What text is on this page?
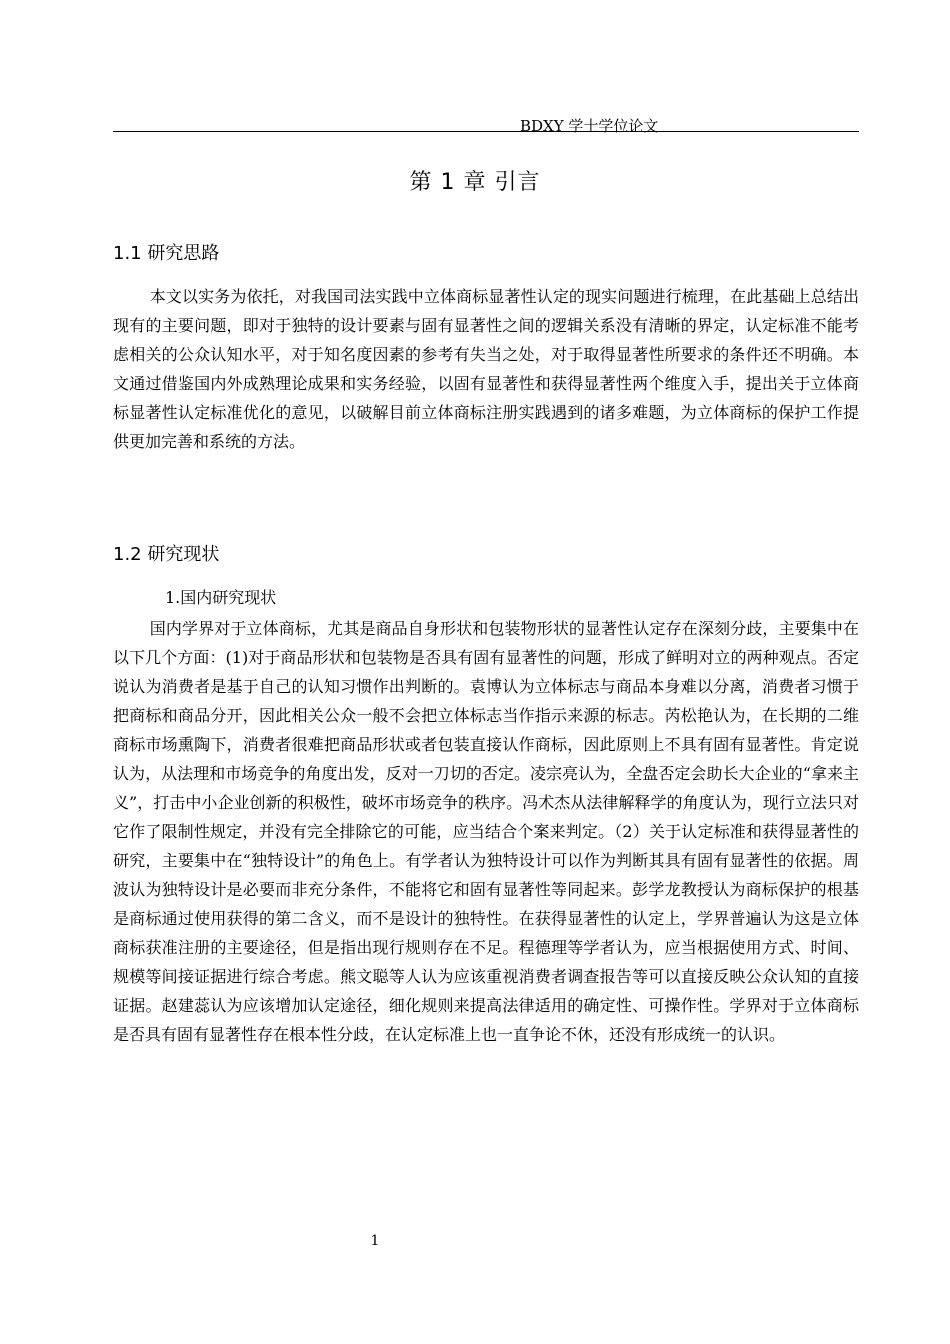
BDXY 学士学位论文
第 1 章 引言
1.1 研究思路

本文以实务为依托，对我国司法实践中立体商标显著性认定的现实问题进行梳理，在此基础上总结出现有的主要问题，即对于独特的设计要素与固有显著性之间的逻辑关系没有清晰的界定，认定标准不能考虑相关的公众认知水平，对于知名度因素的参考有失当之处，对于取得显著性所要求的条件还不明确。本文通过借鉴国内外成熟理论成果和实务经验，以固有显著性和获得显著性两个维度入手，提出关于立体商标显著性认定标准优化的意见，以破解目前立体商标注册实践遇到的诸多难题，为立体商标的保护工作提供更加完善和系统的方法。

1.2 研究现状
1.国内研究现状

国内学界对于立体商标，尤其是商品自身形状和包装物形状的显著性认定存在深刻分歧，主要集中在以下几个方面：(1)对于商品形状和包装物是否具有固有显著性的问题，形成了鲜明对立的两种观点。否定说认为消费者是基于自己的认知习惯作出判断的。袁博认为立体标志与商品本身难以分离，消费者习惯于把商标和商品分开，因此相关公众一般不会把立体标志当作指示来源的标志。芮松艳认为，在长期的二维商标市场熏陶下，消费者很难把商品形状或者包装直接认作商标，因此原则上不具有固有显著性。肯定说认为，从法理和市场竞争的角度出发，反对一刀切的否定。凌宗亮认为，全盘否定会助长大企业的“拿来主义”，打击中小企业创新的积极性，破坏市场竞争的秩序。冯术杰从法律解释学的角度认为，现行立法只对它作了限制性规定，并没有完全排除它的可能，应当结合个案来判定。（2）关于认定标准和获得显著性的研究，主要集中在“独特设计”的角色上。有学者认为独特设计可以作为判断其具有固有显著性的依据。周波认为独特设计是必要而非充分条件，不能将它和固有显著性等同起来。彭学龙教授认为商标保护的根基是商标通过使用获得的第二含义，而不是设计的独特性。在获得显著性的认定上，学界普遍认为这是立体商标获准注册的主要途径，但是指出现行规则存在不足。程德理等学者认为，应当根据使用方式、时间、规模等间接证据进行综合考虑。熊文聪等人认为应该重视消费者调查报告等可以直接反映公众认知的直接证据。赵建蕊认为应该增加认定途径，细化规则来提高法律适用的确定性、可操作性。学界对于立体商标是否具有固有显著性存在根本性分歧，在认定标准上也一直争论不休，还没有形成统一的认识。

1
